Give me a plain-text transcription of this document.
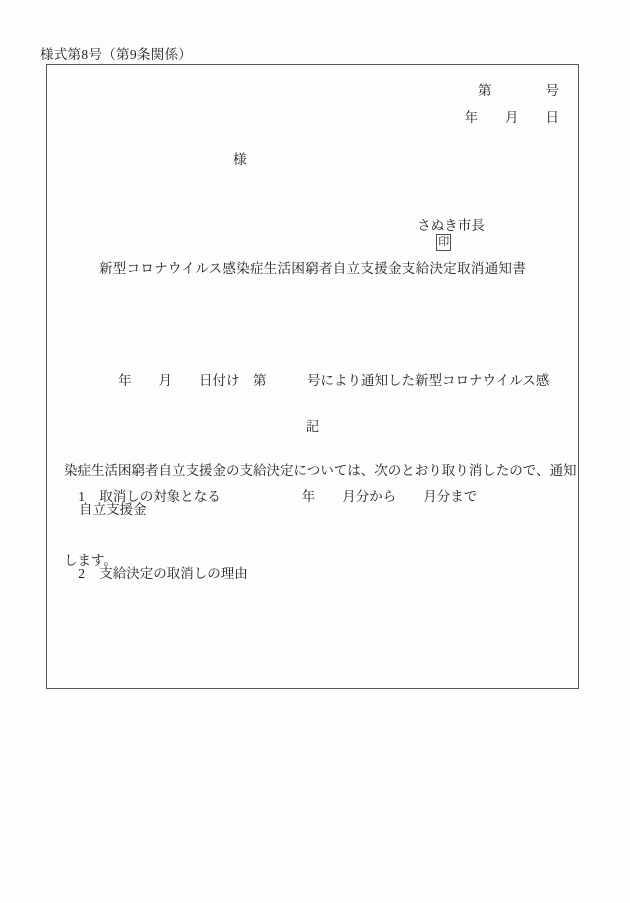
様式第8号（第9条関係）
第　　　　号
年　　月　　日
様

さぬき市長
印

新型コロナウイルス感染症生活困窮者自立支援金支給決定取消通知書

　　　　年　　月　　日付け　第　　　号により通知した新型コロナウイルス感

染症生活困窮者自立支援金の支給決定については、次のとおり取り消したので、通知

します。

記

1 取消しの対象となる　　　　　　年　　月分から　　月分まで

自立支援金

2 支給決定の取消しの理由
